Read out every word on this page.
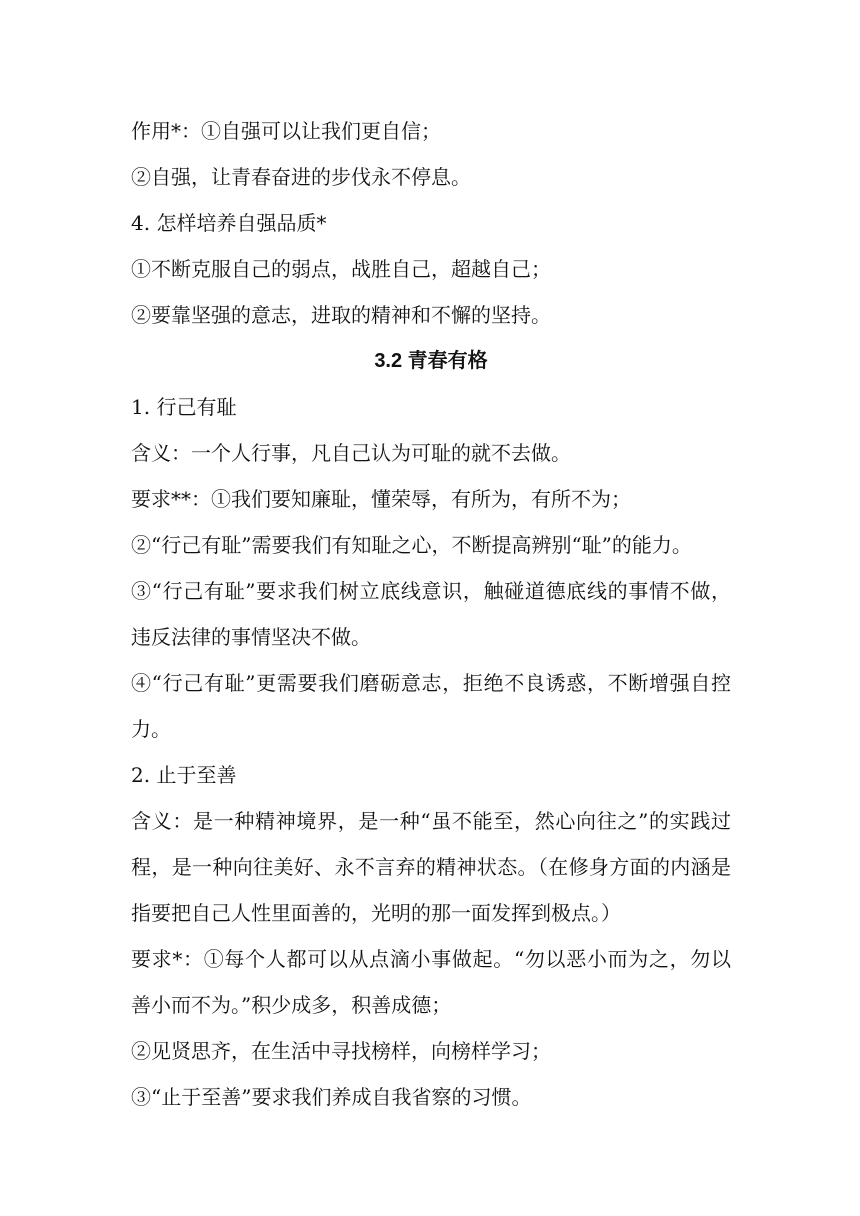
作用*：①自强可以让我们更自信；

②自强，让青春奋进的步伐永不停息。

4. 怎样培养自强品质*

①不断克服自己的弱点，战胜自己，超越自己；

②要靠坚强的意志，进取的精神和不懈的坚持。

3.2 青春有格

1. 行己有耻

含义：一个人行事，凡自己认为可耻的就不去做。

要求**：①我们要知廉耻，懂荣辱，有所为，有所不为；

②“行己有耻”需要我们有知耻之心，不断提高辨别“耻”的能力。

③“行己有耻”要求我们树立底线意识，触碰道德底线的事情不做，违反法律的事情坚决不做。

④“行己有耻”更需要我们磨砺意志，拒绝不良诱惑，不断增强自控力。

2. 止于至善

含义：是一种精神境界，是一种“虽不能至，然心向往之”的实践过程，是一种向往美好、永不言弃的精神状态。（在修身方面的内涵是指要把自己人性里面善的，光明的那一面发挥到极点。）

要求*：①每个人都可以从点滴小事做起。“勿以恶小而为之，勿以善小而不为。”积少成多，积善成德；

②见贤思齐，在生活中寻找榜样，向榜样学习；

③“止于至善”要求我们养成自我省察的习惯。
